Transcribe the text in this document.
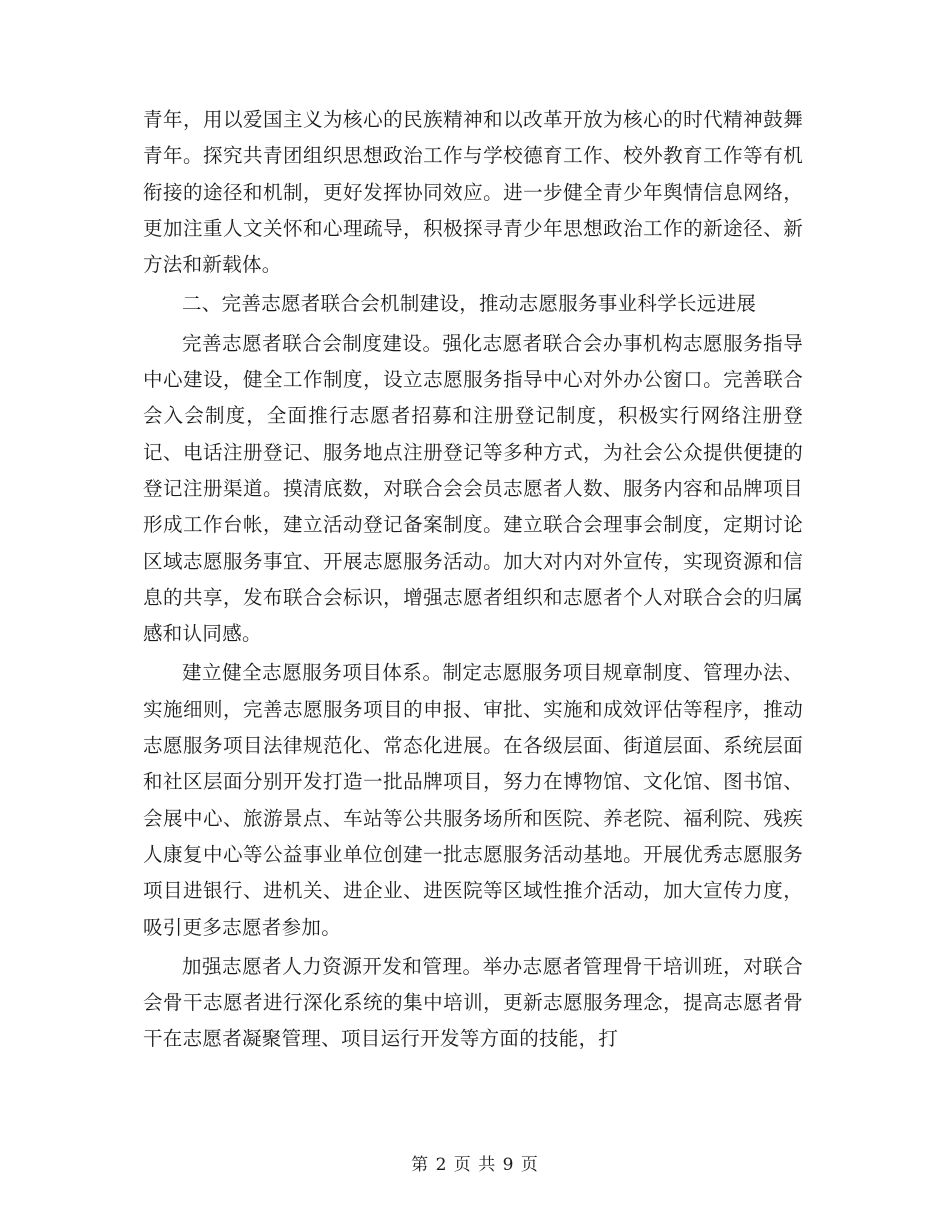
青年，用以爱国主义为核心的民族精神和以改革开放为核心的时代精神鼓舞青年。探究共青团组织思想政治工作与学校德育工作、校外教育工作等有机衔接的途径和机制，更好发挥协同效应。进一步健全青少年舆情信息网络，更加注重人文关怀和心理疏导，积极探寻青少年思想政治工作的新途径、新方法和新载体。

二、完善志愿者联合会机制建设，推动志愿服务事业科学长远进展

完善志愿者联合会制度建设。强化志愿者联合会办事机构志愿服务指导中心建设，健全工作制度，设立志愿服务指导中心对外办公窗口。完善联合会入会制度，全面推行志愿者招募和注册登记制度，积极实行网络注册登记、电话注册登记、服务地点注册登记等多种方式，为社会公众提供便捷的登记注册渠道。摸清底数，对联合会会员志愿者人数、服务内容和品牌项目形成工作台帐，建立活动登记备案制度。建立联合会理事会制度，定期讨论区域志愿服务事宜、开展志愿服务活动。加大对内对外宣传，实现资源和信息的共享，发布联合会标识，增强志愿者组织和志愿者个人对联合会的归属感和认同感。

建立健全志愿服务项目体系。制定志愿服务项目规章制度、管理办法、实施细则，完善志愿服务项目的申报、审批、实施和成效评估等程序，推动志愿服务项目法律规范化、常态化进展。在各级层面、街道层面、系统层面和社区层面分别开发打造一批品牌项目，努力在博物馆、文化馆、图书馆、会展中心、旅游景点、车站等公共服务场所和医院、养老院、福利院、残疾人康复中心等公益事业单位创建一批志愿服务活动基地。开展优秀志愿服务项目进银行、进机关、进企业、进医院等区域性推介活动，加大宣传力度，吸引更多志愿者参加。

加强志愿者人力资源开发和管理。举办志愿者管理骨干培训班，对联合会骨干志愿者进行深化系统的集中培训，更新志愿服务理念，提高志愿者骨干在志愿者凝聚管理、项目运行开发等方面的技能，打

第 2 页 共 9 页
